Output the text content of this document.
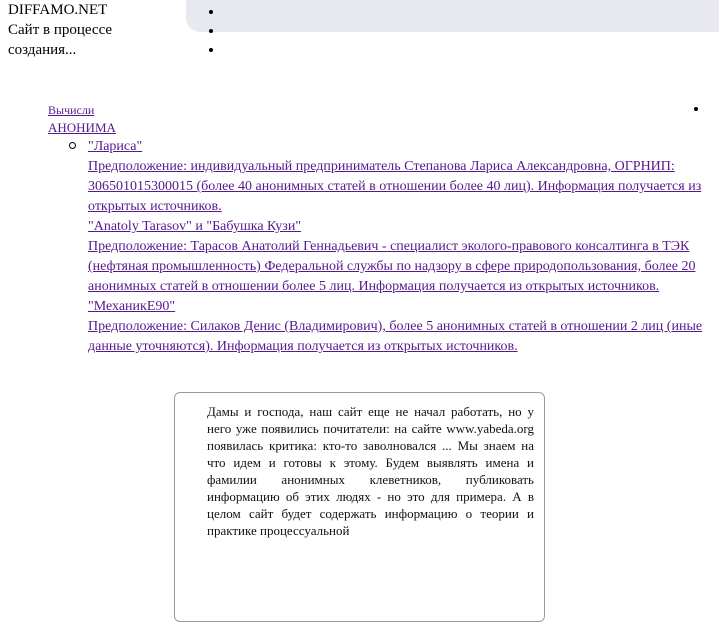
DIFFAMO.NET
Сайт в процессе
создания...
Вычисли
АНОНИМА
"Лариса"
Предположение: индивидуальный предприниматель Степанова Лариса Александровна, ОГРНИП: 306501015300015 (более 40 анонимных статей в отношении более 40 лиц). Информация получается из открытых источников.
"Anatoly Tarasov" и "Бабушка Кузи"
Предположение: Тарасов Анатолий Геннадьевич - специалист эколого-правового консалтинга в ТЭК (нефтяная промышленность) Федеральной службы по надзору в сфере природопользования, более 20 анонимных статей в отношении более 5 лиц. Информация получается из открытых источников.
"МеханикЕ90"
Предположение: Силаков Денис (Владимирович), более 5 анонимных статей в отношении 2 лиц (иные данные уточняются). Информация получается из открытых источников.
Дамы и господа, наш сайт еще не начал работать, но у него уже появились почитатели: на сайте www.yabeda.org появилась критика: кто-то заволновался ... Мы знаем на что идем и готовы к этому. Будем выявлять имена и фамилии анонимных клеветников, публиковать информацию об этих людях - но это для примера. А в целом сайт будет содержать информацию о теории и практике процессуальной
